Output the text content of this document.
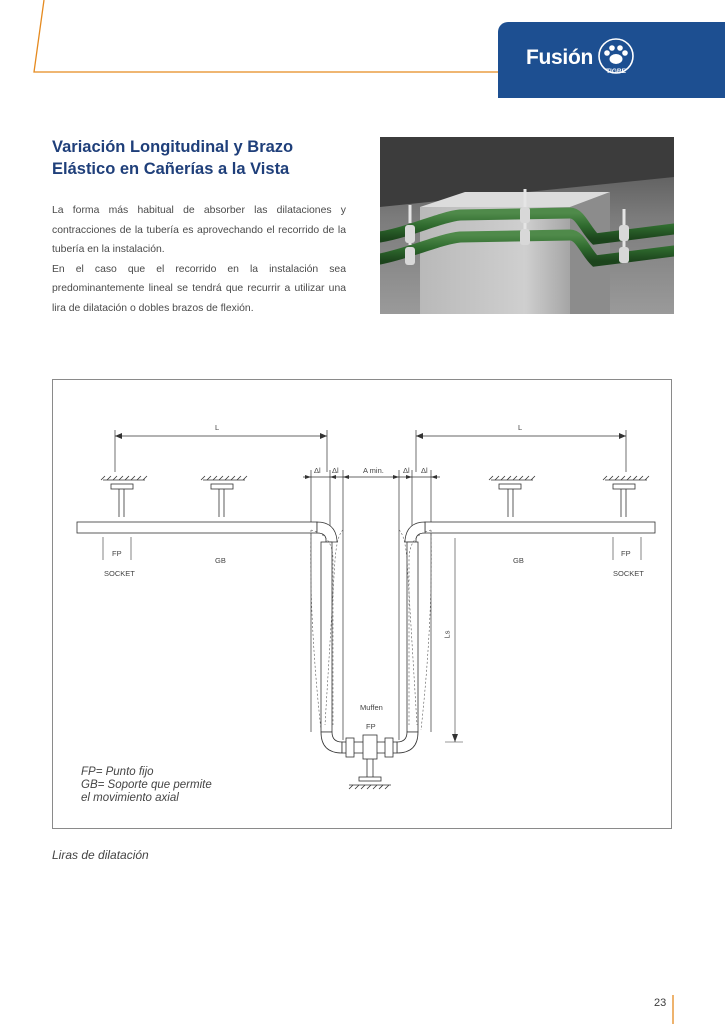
Fusión
TIGRE
Variación Longitudinal y Brazo
Elástico en Cañerías a la Vista

La forma más habitual de absorber las dilataciones y contracciones de la tubería es aprovechando el recorrido de la tubería en la instalación.

En el caso que el recorrido en la instalación sea predominantemente lineal se tendrá que recurrir a utilizar una lira de dilatación o dobles brazos de flexión.

L	L
Δl Δl	A min.	Δl Δl
FP
SOCKET
GB	GB
FP
SOCKET
Ls
Muffen
FP
FP= Punto fijo
GB= Soporte que permite
el movimiento axial
Liras de dilatación
23
